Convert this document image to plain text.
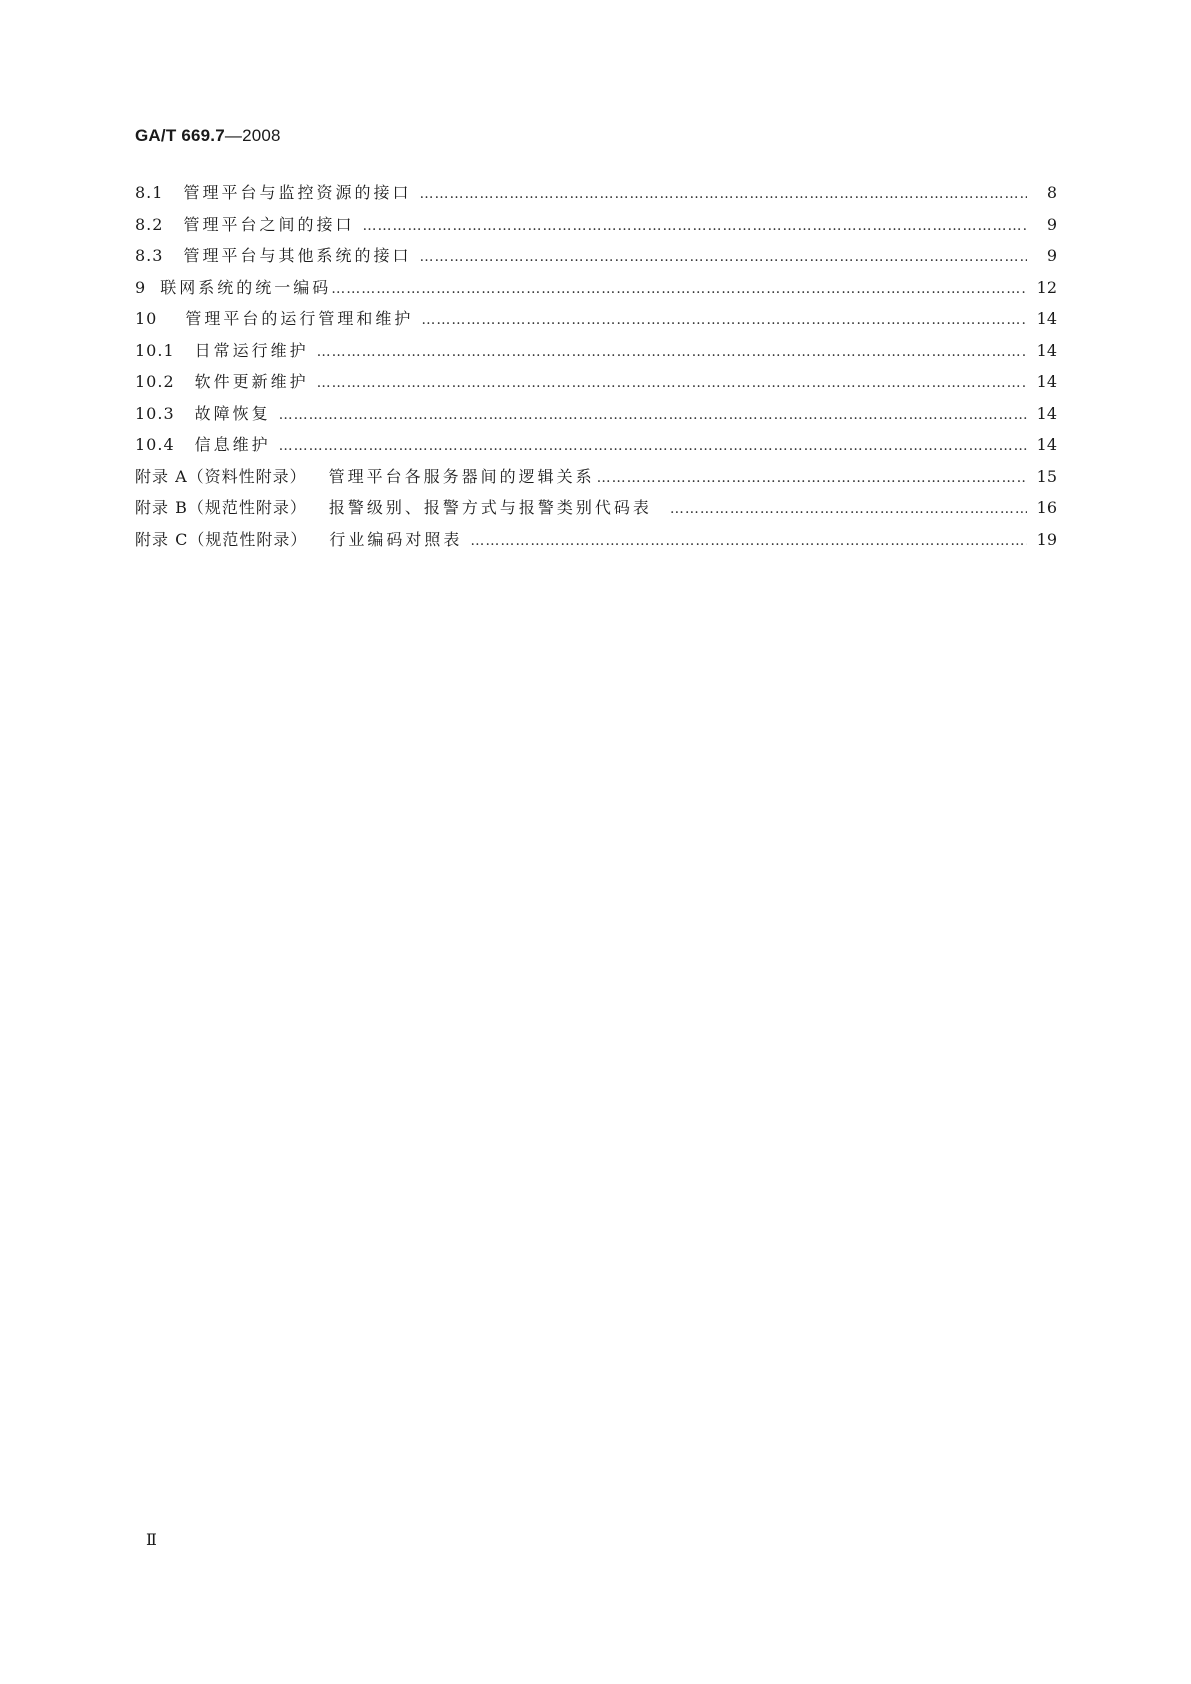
GA/T 669.7—2008
8.1 管理平台与监控资源的接口 …………………………………………………………………………………………………………………………………………………………………………………………………………………………	8
8.2 管理平台之间的接口 …………………………………………………………………………………………………………………………………………………………………………………………………………………………	9
8.3 管理平台与其他系统的接口 …………………………………………………………………………………………………………………………………………………………………………………………………………………………	9
9 联网系统的统一编码 …………………………………………………………………………………………………………………………………………………………………………………………………………………………	12
10 管理平台的运行管理和维护 …………………………………………………………………………………………………………………………………………………………………………………………………………………………	14
10.1 日常运行维护 …………………………………………………………………………………………………………………………………………………………………………………………………………………………	14
10.2 软件更新维护 …………………………………………………………………………………………………………………………………………………………………………………………………………………………	14
10.3 故障恢复 …………………………………………………………………………………………………………………………………………………………………………………………………………………………	14
10.4 信息维护 …………………………………………………………………………………………………………………………………………………………………………………………………………………………	14
附录 A（资料性附录） 管理平台各服务器间的逻辑关系 …………………………………………………………………………………………………………………………………………………………………………………………………………………………	15
附录 B（规范性附录） 报警级别、报警方式与报警类别代码表 …………………………………………………………………………………………………………………………………………………………………………………………………………………………	16
附录 C（规范性附录） 行业编码对照表 …………………………………………………………………………………………………………………………………………………………………………………………………………………………	19
Ⅱ
